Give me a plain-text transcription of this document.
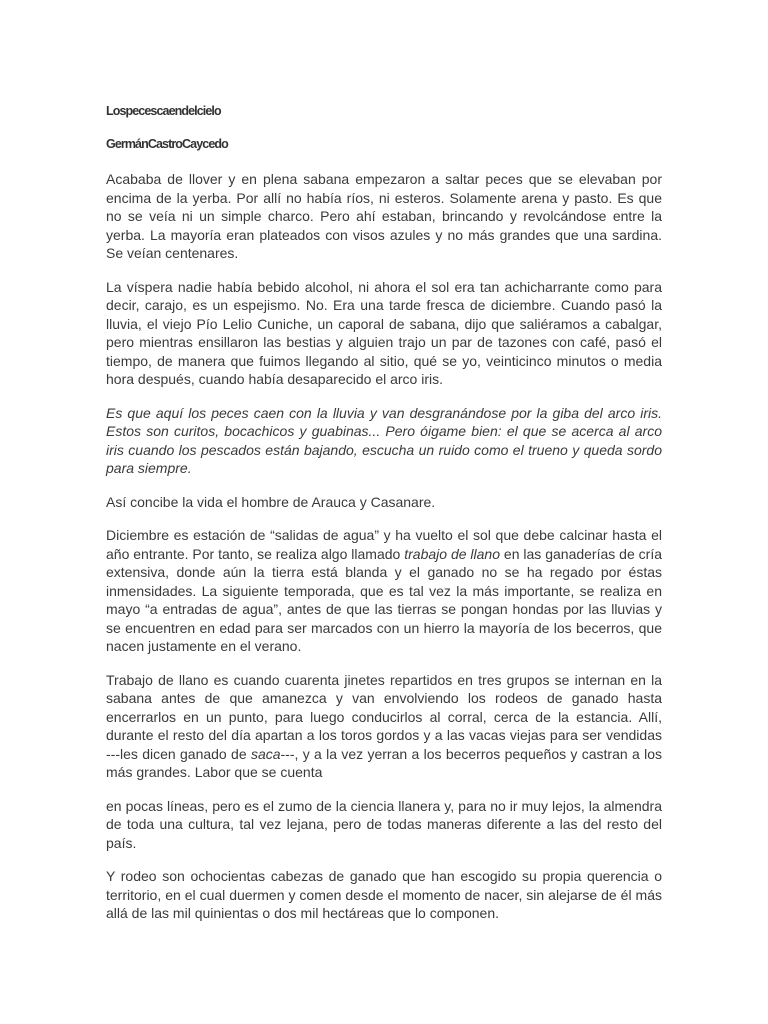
Lospecescaendelcielo

GermánCastroCaycedo

Acababa de llover y en plena sabana empezaron a saltar peces que se elevaban por encima de la yerba. Por allí no había ríos, ni esteros. Solamente arena y pasto. Es que no se veía ni un simple charco. Pero ahí estaban, brincando y revolcándose entre la yerba. La mayoría eran plateados con visos azules y no más grandes que una sardina. Se veían centenares.

La víspera nadie había bebido alcohol, ni ahora el sol era tan achicharrante como para decir, carajo, es un espejismo. No. Era una tarde fresca de diciembre. Cuando pasó la lluvia, el viejo Pío Lelio Cuniche, un caporal de sabana, dijo que saliéramos a cabalgar, pero mientras ensillaron las bestias y alguien trajo un par de tazones con café, pasó el tiempo, de manera que fuimos llegando al sitio, qué se yo, veinticinco minutos o media hora después, cuando había desaparecido el arco iris.

Es que aquí los peces caen con la lluvia y van desgranándose por la giba del arco iris. Estos son curitos, bocachicos y guabinas... Pero óigame bien: el que se acerca al arco iris cuando los pescados están bajando, escucha un ruido como el trueno y queda sordo para siempre.

Así concibe la vida el hombre de Arauca y Casanare.

Diciembre es estación de “salidas de agua” y ha vuelto el sol que debe calcinar hasta el año entrante. Por tanto, se realiza algo llamado trabajo de llano en las ganaderías de cría extensiva, donde aún la tierra está blanda y el ganado no se ha regado por éstas inmensidades. La siguiente temporada, que es tal vez la más importante, se realiza en mayo “a entradas de agua”, antes de que las tierras se pongan hondas por las lluvias y se encuentren en edad para ser marcados con un hierro la mayoría de los becerros, que nacen justamente en el verano.

Trabajo de llano es cuando cuarenta jinetes repartidos en tres grupos se internan en la sabana antes de que amanezca y van envolviendo los rodeos de ganado hasta encerrarlos en un punto, para luego conducirlos al corral, cerca de la estancia. Allí, durante el resto del día apartan a los toros gordos y a las vacas viejas para ser vendidas ---les dicen ganado de saca---, y a la vez yerran a los becerros pequeños y castran a los más grandes. Labor que se cuenta

en pocas líneas, pero es el zumo de la ciencia llanera y, para no ir muy lejos, la almendra de toda una cultura, tal vez lejana, pero de todas maneras diferente a las del resto del país.

Y rodeo son ochocientas cabezas de ganado que han escogido su propia querencia o territorio, en el cual duermen y comen desde el momento de nacer, sin alejarse de él más allá de las mil quinientas o dos mil hectáreas que lo componen.
